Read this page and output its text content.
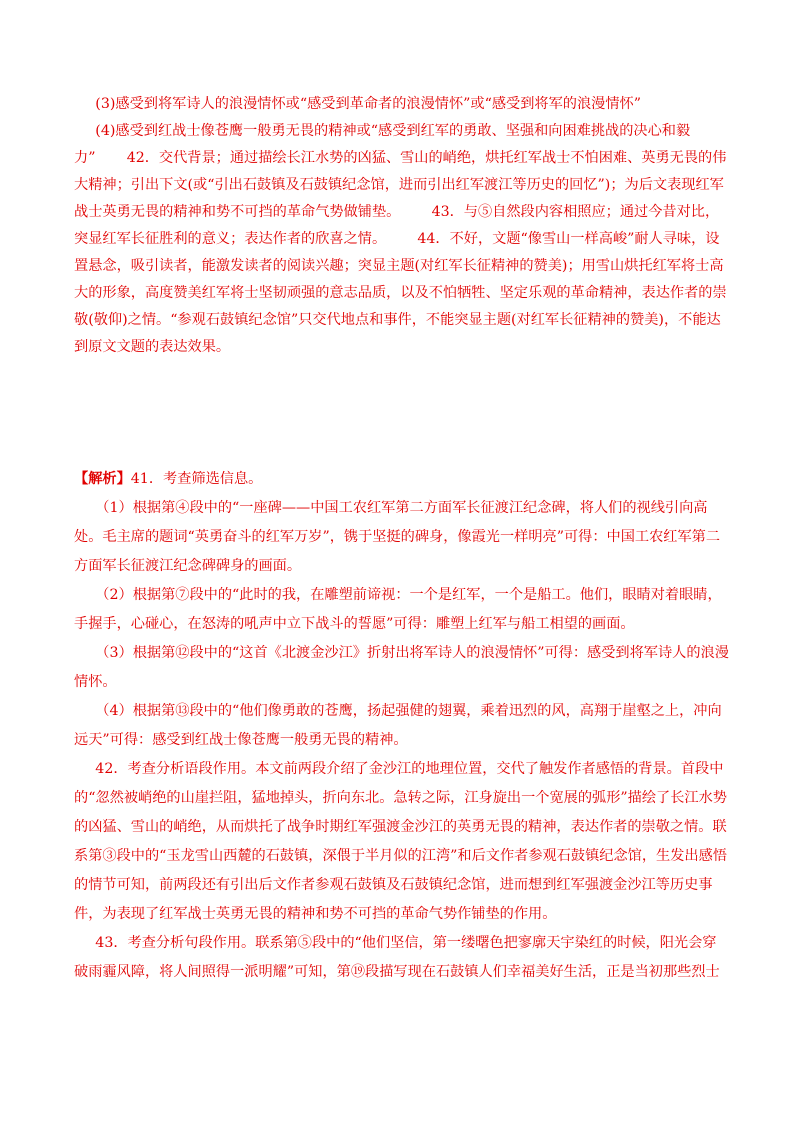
(3)感受到将军诗人的浪漫情怀或“感受到革命者的浪漫情怀”或“感受到将军的浪漫情怀”

(4)感受到红战士像苍鹰一般勇无畏的精神或“感受到红军的勇敢、坚强和向困难挑战的决心和毅

力” 42．交代背景；通过描绘长江水势的凶猛、雪山的峭绝，烘托红军战士不怕困难、英勇无畏的伟大精神；引出下文(或“引出石鼓镇及石鼓镇纪念馆，进而引出红军渡江等历史的回忆”)；为后文表现红军战士英勇无畏的精神和势不可挡的革命气势做铺垫。 43．与⑤自然段内容相照应；通过今昔对比，突显红军长征胜利的意义；表达作者的欣喜之情。 44．不好，文题“像雪山一样高峻”耐人寻味，设置悬念，吸引读者，能激发读者的阅读兴趣；突显主题(对红军长征精神的赞美)；用雪山烘托红军将士高大的形象，高度赞美红军将士坚韧顽强的意志品质，以及不怕牺牲、坚定乐观的革命精神，表达作者的崇敬(敬仰)之情。“参观石鼓镇纪念馆”只交代地点和事件，不能突显主题(对红军长征精神的赞美)，不能达到原文文题的表达效果。

【解析】41．考查筛选信息。

（1）根据第④段中的“一座碑——中国工农红军第二方面军长征渡江纪念碑，将人们的视线引向高处。毛主席的题词“英勇奋斗的红军万岁”，镌于坚挺的碑身，像霞光一样明亮”可得：中国工农红军第二方面军长征渡江纪念碑碑身的画面。

（2）根据第⑦段中的“此时的我，在雕塑前谛视：一个是红军，一个是船工。他们，眼睛对着眼睛，手握手，心碰心，在怒涛的吼声中立下战斗的誓愿”可得：雕塑上红军与船工相望的画面。

（3）根据第⑫段中的“这首《北渡金沙江》折射出将军诗人的浪漫情怀”可得：感受到将军诗人的浪漫情怀。

（4）根据第⑬段中的“他们像勇敢的苍鹰，扬起强健的翅翼，乘着迅烈的风，高翔于崖壑之上，冲向远天”可得：感受到红战士像苍鹰一般勇无畏的精神。

42．考查分析语段作用。本文前两段介绍了金沙江的地理位置，交代了触发作者感悟的背景。首段中的“忽然被峭绝的山崖拦阻，猛地掉头，折向东北。急转之际，江身旋出一个宽展的弧形”描绘了长江水势的凶猛、雪山的峭绝，从而烘托了战争时期红军强渡金沙江的英勇无畏的精神，表达作者的崇敬之情。联系第③段中的“玉龙雪山西麓的石鼓镇，深偎于半月似的江湾”和后文作者参观石鼓镇纪念馆，生发出感悟的情节可知，前两段还有引出后文作者参观石鼓镇及石鼓镇纪念馆，进而想到红军强渡金沙江等历史事件，为表现了红军战士英勇无畏的精神和势不可挡的革命气势作铺垫的作用。

43．考查分析句段作用。联系第⑤段中的“他们坚信，第一缕曙色把寥廓天宇染红的时候，阳光会穿破雨霾风障，将人间照得一派明耀”可知，第⑲段描写现在石鼓镇人们幸福美好生活，正是当初那些烈士
